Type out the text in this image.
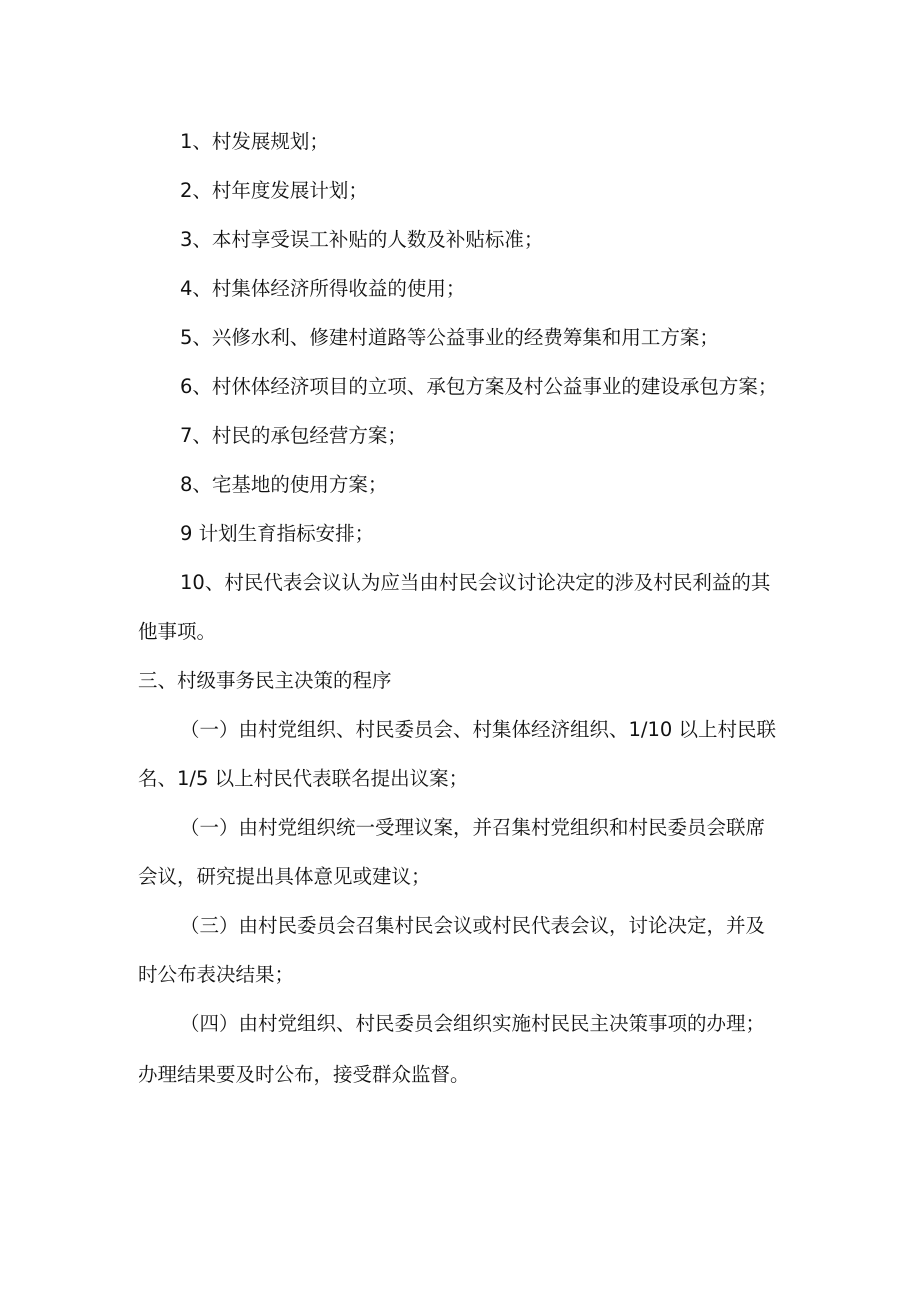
1、村发展规划；
2、村年度发展计划；
3、本村享受误工补贴的人数及补贴标准；
4、村集体经济所得收益的使用；
5、兴修水利、修建村道路等公益事业的经费筹集和用工方案；
6、村休体经济项目的立项、承包方案及村公益事业的建设承包方案；
7、村民的承包经营方案；
8、宅基地的使用方案；
9 计划生育指标安排；
10、村民代表会议认为应当由村民会议讨论决定的涉及村民利益的其
他事项。
三、村级事务民主决策的程序
（一）由村党组织、村民委员会、村集体经济组织、1/10 以上村民联
名、1/5 以上村民代表联名提出议案；
（一）由村党组织统一受理议案，并召集村党组织和村民委员会联席
会议，研究提出具体意见或建议；
（三）由村民委员会召集村民会议或村民代表会议，讨论决定，并及
时公布表决结果；
（四）由村党组织、村民委员会组织实施村民民主决策事项的办理；
办理结果要及时公布，接受群众监督。
